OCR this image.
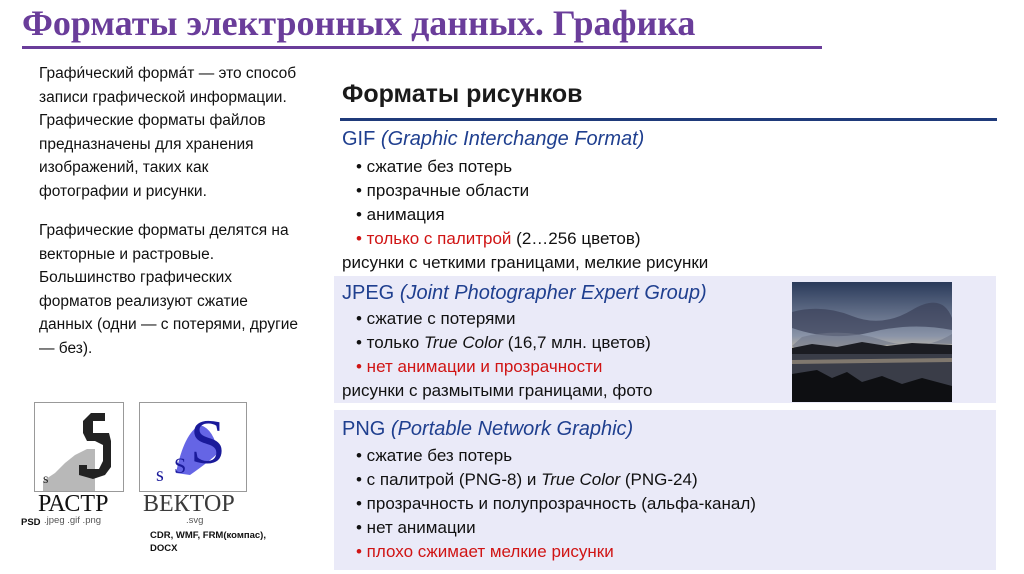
Форматы электронных данных. Графика

Графи́ческий форма́т — это способ записи графической информации. Графические форматы файлов предназначены для хранения изображений, таких как фотографии и рисунки.

Графические форматы делятся на векторные и растровые. Большинство графических форматов реализуют сжатие данных (одни — с потерями, другие — без).

Форматы рисунков
GIF (Graphic Interchange Format)
• сжатие без потерь
• прозрачные области
• анимация
• только с палитрой (2…256 цветов)
рисунки с четкими границами, мелкие рисунки
JPEG (Joint Photographer Expert Group)
• сжатие с потерями
• только True Color (16,7 млн. цветов)
• нет анимации и прозрачности
рисунки с размытыми границами, фото
PNG (Portable Network Graphic)
• сжатие без потерь
• с палитрой (PNG-8) и True Color (PNG-24)
• прозрачность и полупрозрачность (альфа-канал)
• нет анимации
• плохо сжимает мелкие рисунки
s
РАСТР
S
s S
ВЕКТОР
PSD .jpeg .gif .png	.svg
CDR, WMF, FRM(компас), DOCX
